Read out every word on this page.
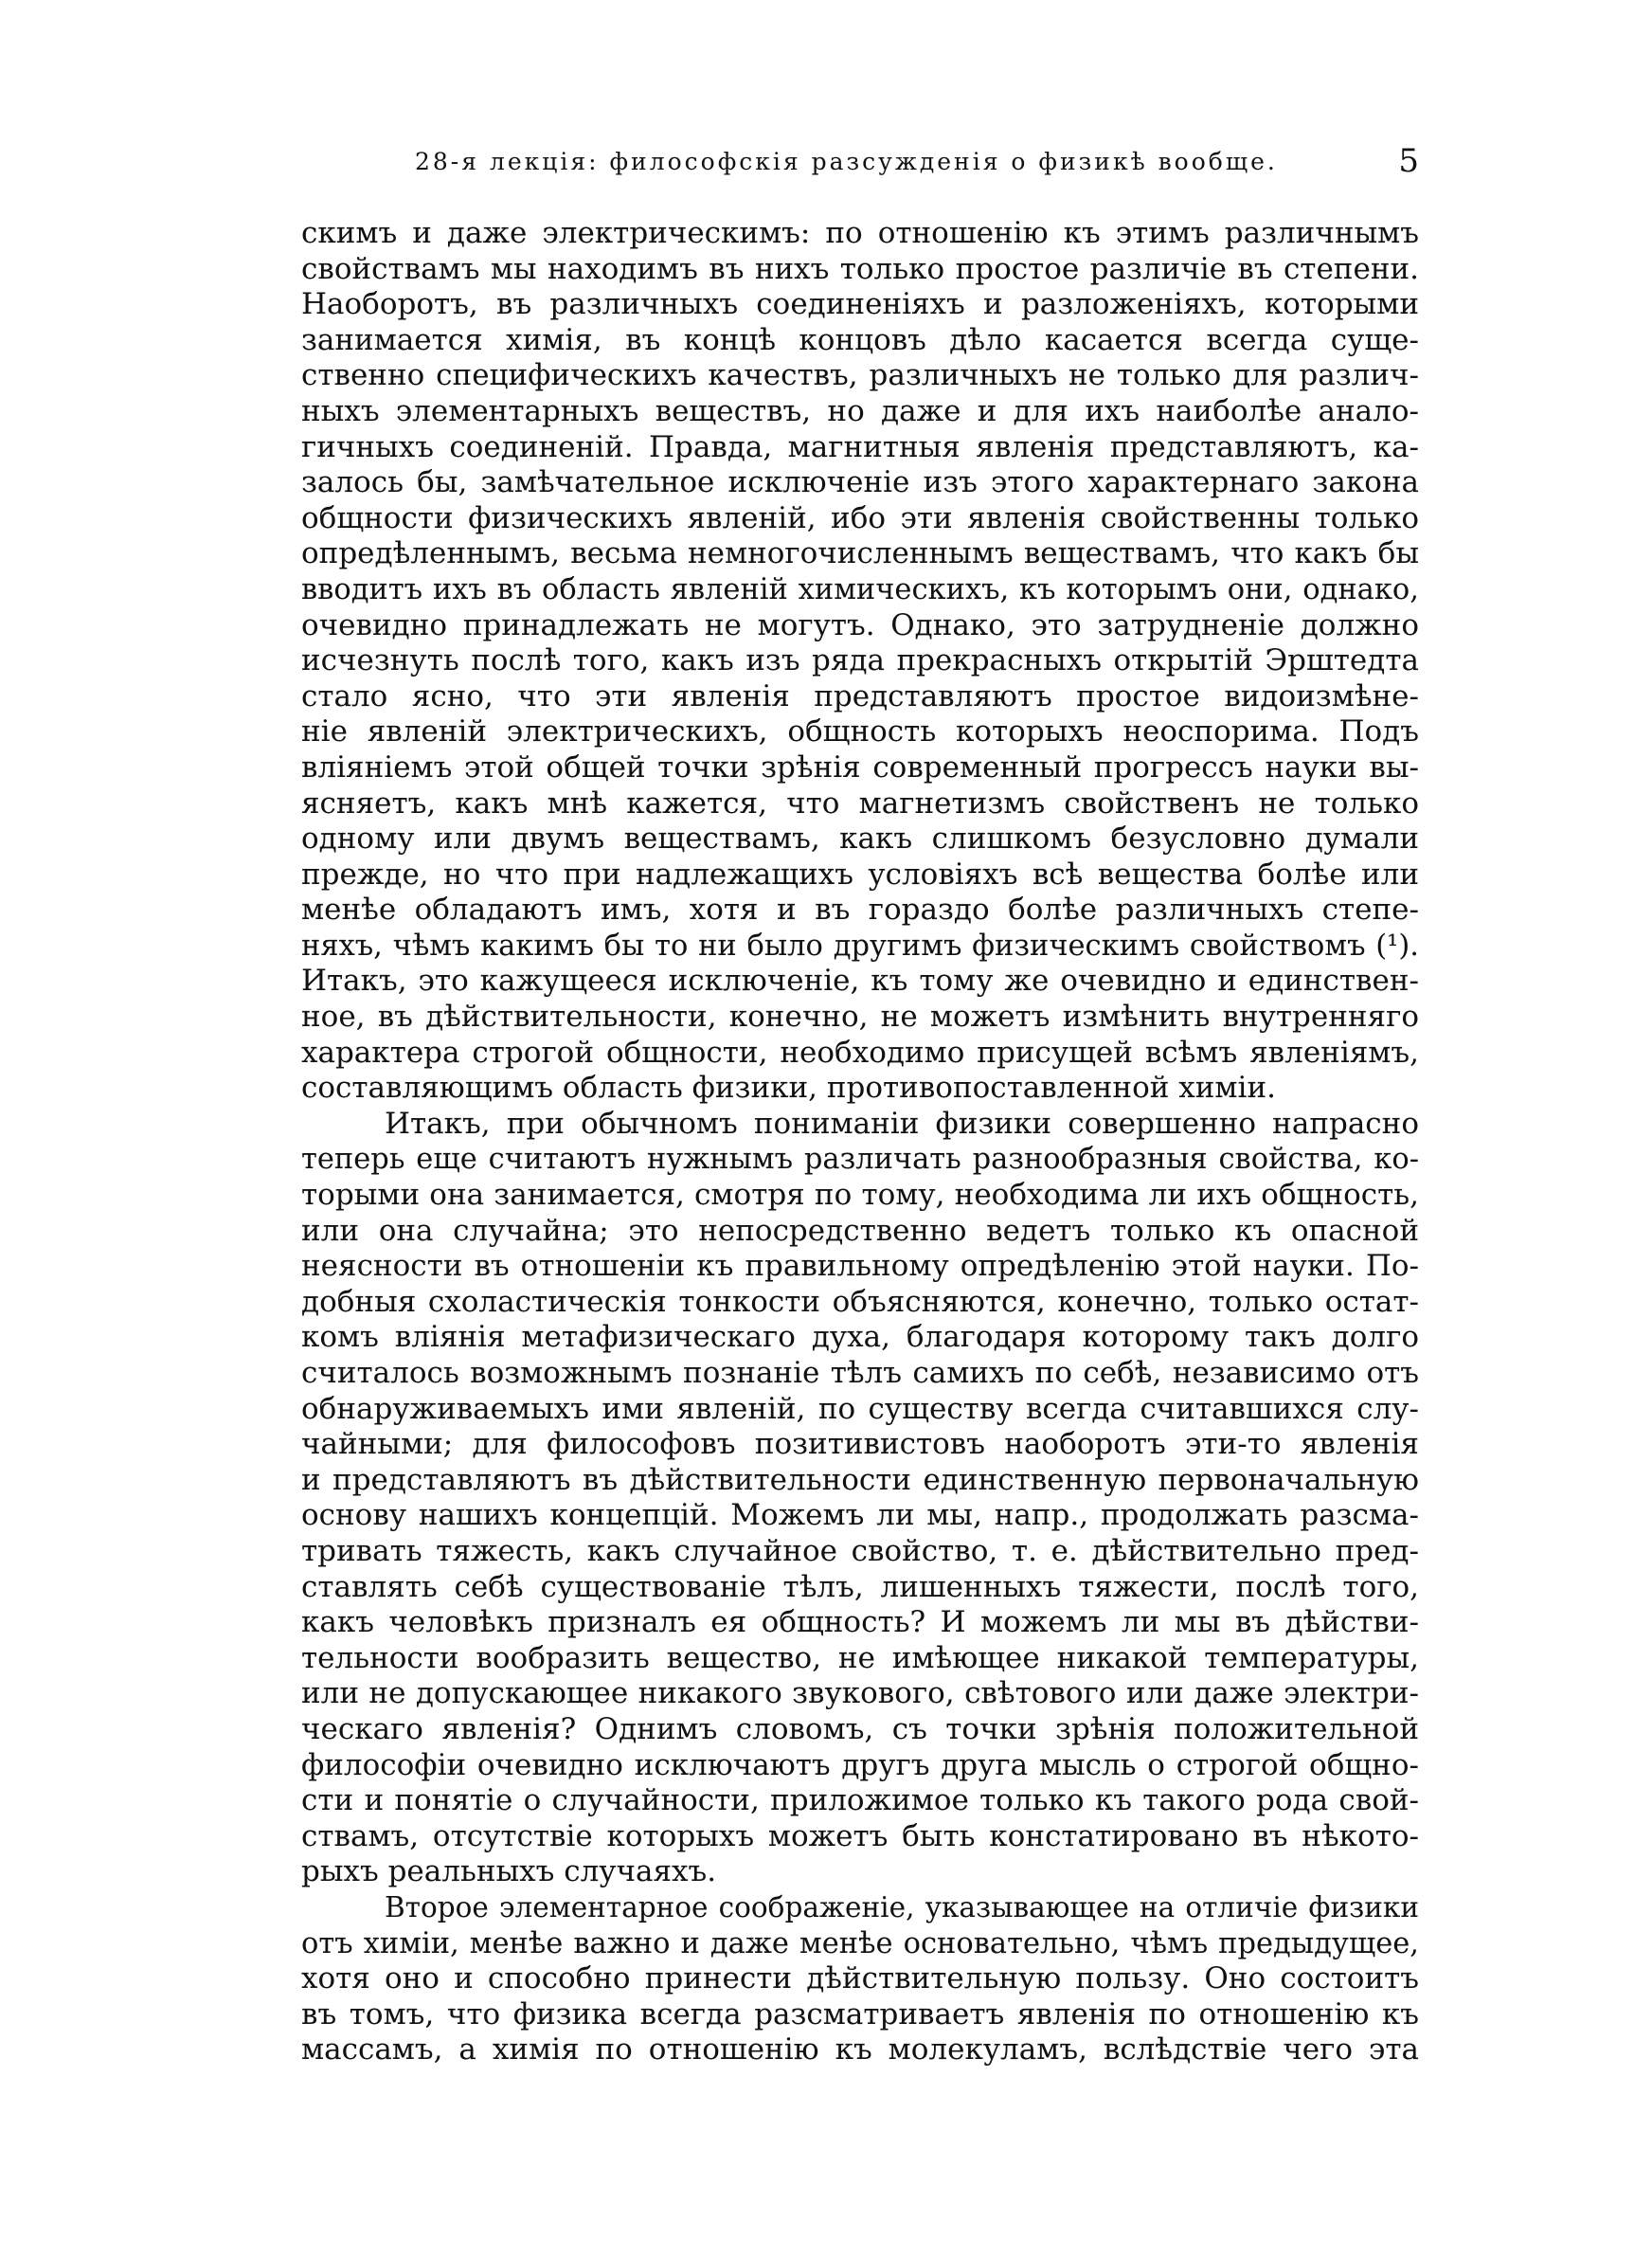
28-я лекція: философскія разсужденія о физикѣ вообще.	5
скимъ и даже электрическимъ: по отношенію къ этимъ различнымъ
свойствамъ мы находимъ въ нихъ только простое различіе въ степени.
Наоборотъ, въ различныхъ соединеніяхъ и разложеніяхъ, которыми
занимается химія, въ концѣ концовъ дѣло касается всегда суще-
ственно специфическихъ качествъ, различныхъ не только для различ-
ныхъ элементарныхъ веществъ, но даже и для ихъ наиболѣе анало-
гичныхъ соединеній. Правда, магнитныя явленія представляютъ, ка-
залось бы, замѣчательное исключеніе изъ этого характернаго закона
общности физическихъ явленій, ибо эти явленія свойственны только
опредѣленнымъ, весьма немногочисленнымъ веществамъ, что какъ бы
вводитъ ихъ въ область явленій химическихъ, къ которымъ они, однако,
очевидно принадлежать не могутъ. Однако, это затрудненіе должно
исчезнуть послѣ того, какъ изъ ряда прекрасныхъ открытій Эрштедта
стало ясно, что эти явленія представляютъ простое видоизмѣне-
ніе явленій электрическихъ, общность которыхъ неоспорима. Подъ
вліяніемъ этой общей точки зрѣнія современный прогрессъ науки вы-
ясняетъ, какъ мнѣ кажется, что магнетизмъ свойственъ не только
одному или двумъ веществамъ, какъ слишкомъ безусловно думали
прежде, но что при надлежащихъ условіяхъ всѣ вещества болѣе или
менѣе обладаютъ имъ, хотя и въ гораздо болѣе различныхъ степе-
няхъ, чѣмъ какимъ бы то ни было другимъ физическимъ свойствомъ (¹).
Итакъ, это кажущееся исключеніе, къ тому же очевидно и единствен-
ное, въ дѣйствительности, конечно, не можетъ измѣнить внутренняго
характера строгой общности, необходимо присущей всѣмъ явленіямъ,
составляющимъ область физики, противопоставленной химіи.
Итакъ, при обычномъ пониманіи физики совершенно напрасно
теперь еще считаютъ нужнымъ различать разнообразныя свойства, ко-
торыми она занимается, смотря по тому, необходима ли ихъ общность,
или она случайна; это непосредственно ведетъ только къ опасной
неясности въ отношеніи къ правильному опредѣленію этой науки. По-
добныя схоластическія тонкости объясняются, конечно, только остат-
комъ вліянія метафизическаго духа, благодаря которому такъ долго
считалось возможнымъ познаніе тѣлъ самихъ по себѣ, независимо отъ
обнаруживаемыхъ ими явленій, по существу всегда считавшихся слу-
чайными; для философовъ позитивистовъ наоборотъ эти-то явленія
и представляютъ въ дѣйствительности единственную первоначальную
основу нашихъ концепцій. Можемъ ли мы, напр., продолжать разсма-
тривать тяжесть, какъ случайное свойство, т. е. дѣйствительно пред-
ставлять себѣ существованіе тѣлъ, лишенныхъ тяжести, послѣ того,
какъ человѣкъ призналъ ея общность? И можемъ ли мы въ дѣйстви-
тельности вообразить вещество, не имѣющее никакой температуры,
или не допускающее никакого звукового, свѣтового или даже электри-
ческаго явленія? Однимъ словомъ, съ точки зрѣнія положительной
философіи очевидно исключаютъ другъ друга мысль о строгой общно-
сти и понятіе о случайности, приложимое только къ такого рода свой-
ствамъ, отсутствіе которыхъ можетъ быть констатировано въ нѣкото-
рыхъ реальныхъ случаяхъ.
Второе элементарное соображеніе, указывающее на отличіе физики
отъ химіи, менѣе важно и даже менѣе основательно, чѣмъ предыдущее,
хотя оно и способно принести дѣйствительную пользу. Оно состоитъ
въ томъ, что физика всегда разсматриваетъ явленія по отношенію къ
массамъ, а химія по отношенію къ молекуламъ, вслѣдствіе чего эта
